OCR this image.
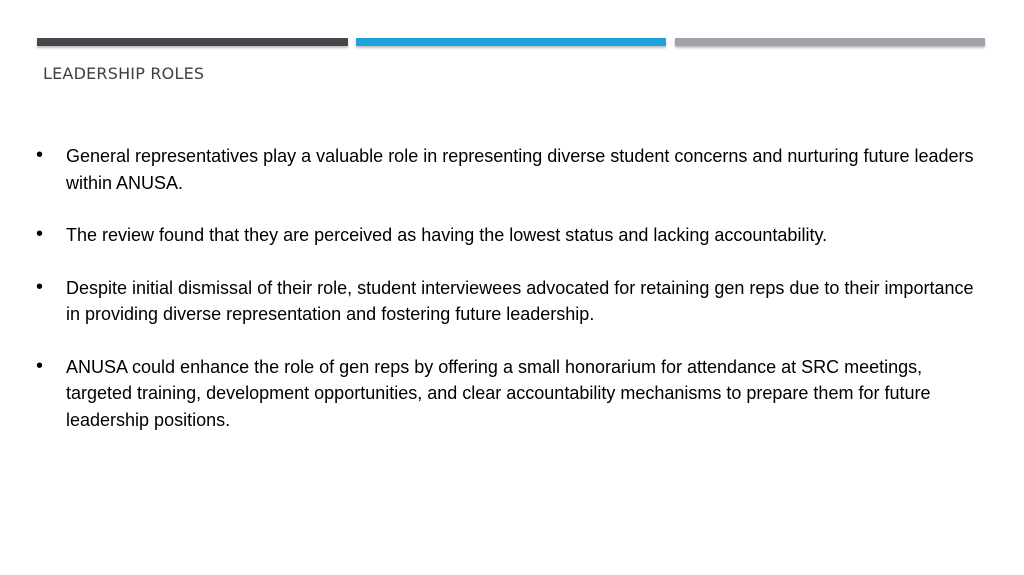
LEADERSHIP ROLES
• General representatives play a valuable role in representing diverse student concerns and nurturing future leaders within ANUSA.
• The review found that they are perceived as having the lowest status and lacking accountability.
• Despite initial dismissal of their role, student interviewees advocated for retaining gen reps due to their importance in providing diverse representation and fostering future leadership.
• ANUSA could enhance the role of gen reps by offering a small honorarium for attendance at SRC meetings, targeted training, development opportunities, and clear accountability mechanisms to prepare them for future leadership positions.
